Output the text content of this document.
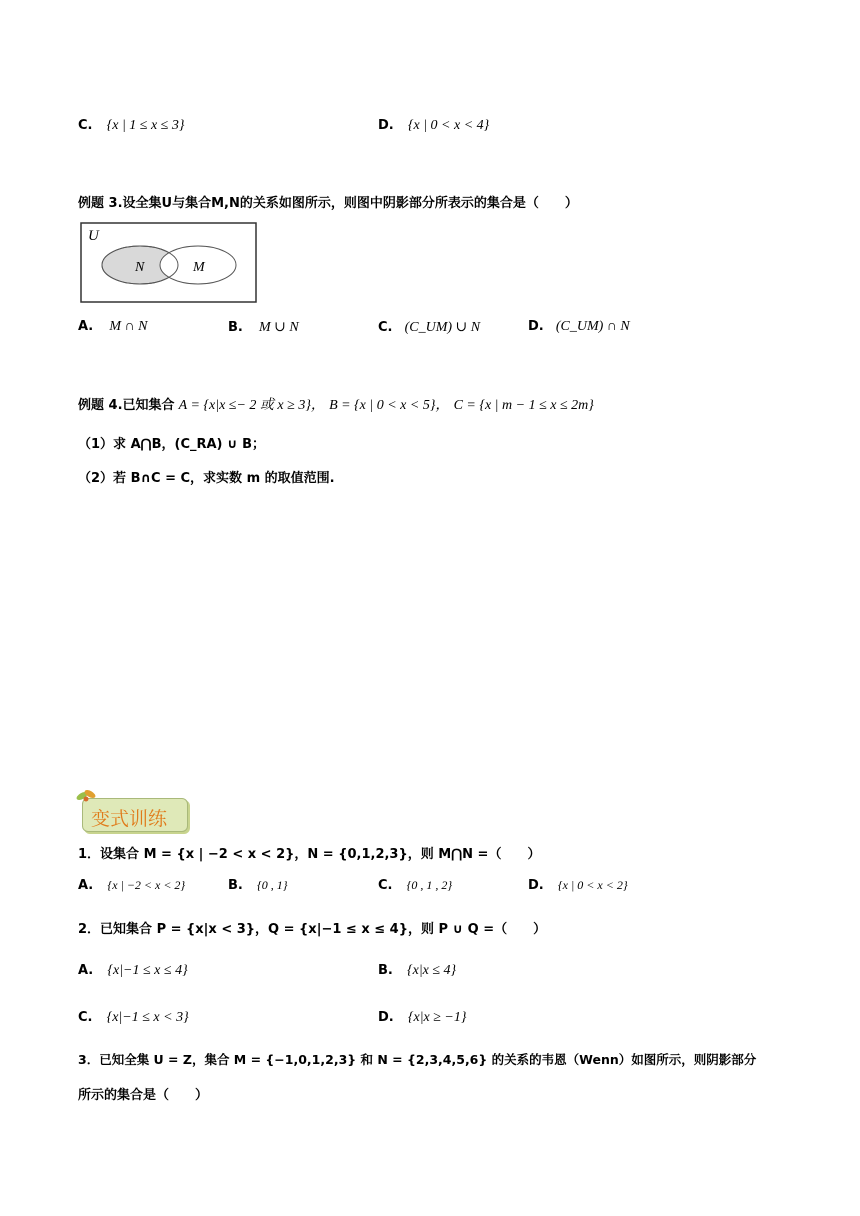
C. {x | 1 ≤ x ≤ 3}	D. {x | 0 < x < 4}
例题 3.设全集U与集合M,N的关系如图所示，则图中阴影部分所表示的集合是（　　）
U
N	M
A. M ∩ N	B. M ∪ N	C. (C_UM) ∪ N	D. (C_UM) ∩ N
例题 4.已知集合 A = {x|x ≤− 2 或 x ≥ 3}， B = {x | 0 < x < 5}， C = {x | m − 1 ≤ x ≤ 2m}
（1）求 A⋂B，(C_RA) ∪ B；
（2）若 B∩C = C，求实数 m 的取值范围.
变式训练
1．设集合 M = {x | −2 < x < 2}，N = {0,1,2,3}，则 M⋂N =（　　）
A. {x | −2 < x < 2}	B. {0 , 1}	C. {0 , 1 , 2}	D. {x | 0 < x < 2}
2．已知集合 P = {x|x < 3}，Q = {x|−1 ≤ x ≤ 4}，则 P ∪ Q =（　　）
A. {x|−1 ≤ x ≤ 4}	B. {x|x ≤ 4}
C. {x|−1 ≤ x < 3}	D. {x|x ≥ −1}
3．已知全集 U = Z，集合 M = {−1,0,1,2,3} 和 N = {2,3,4,5,6} 的关系的韦恩（Wenn）如图所示，则阴影部分
所示的集合是（　　）
